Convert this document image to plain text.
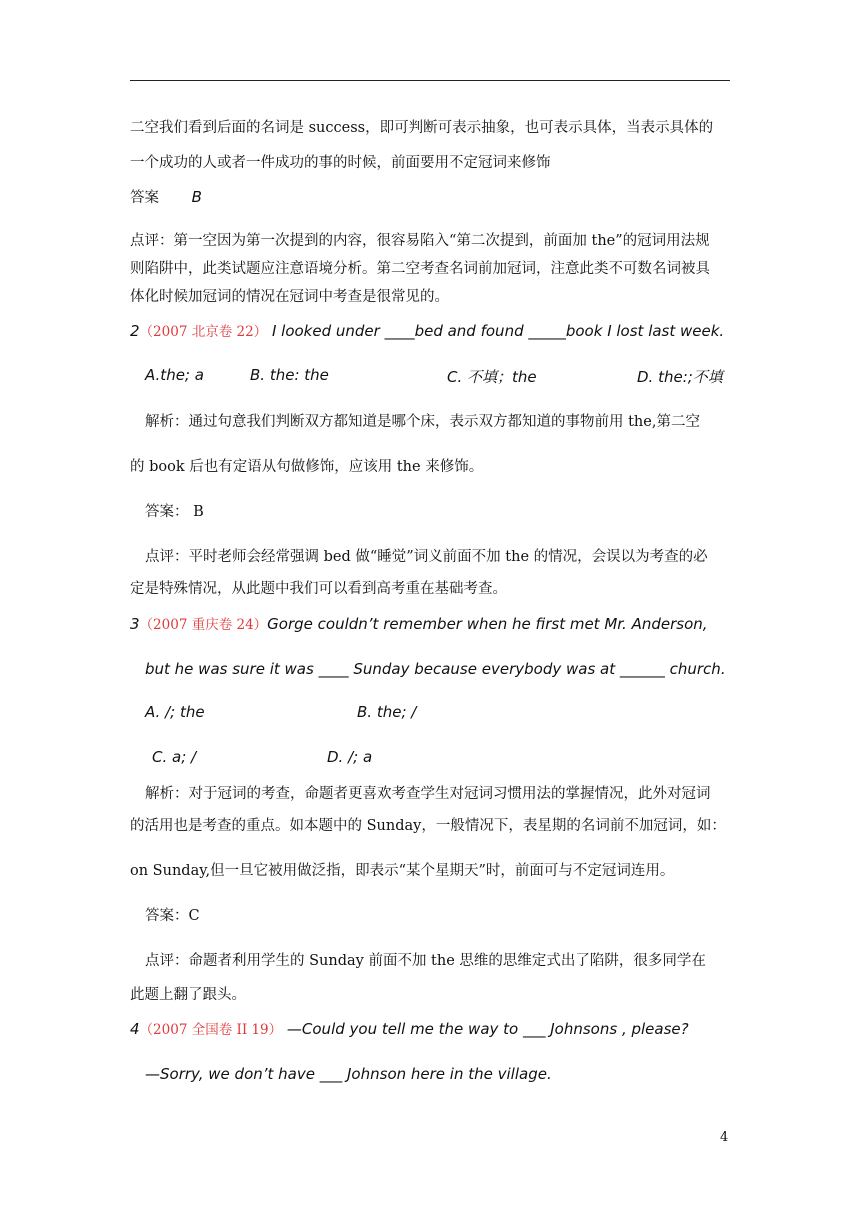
二空我们看到后面的名词是 success，即可判断可表示抽象，也可表示具体，当表示具体的
一个成功的人或者一件成功的事的时候，前面要用不定冠词来修饰
答案 B
点评：第一空因为第一次提到的内容，很容易陷入“第二次提到，前面加 the”的冠词用法规
则陷阱中，此类试题应注意语境分析。第二空考查名词前加冠词，注意此类不可数名词被具
体化时候加冠词的情况在冠词中考查是很常见的。
2（2007 北京卷 22） I looked under ____bed and found _____book I lost last week.
A.the; a	B. the: the	C. 不填；the	D. the:;不填
解析：通过句意我们判断双方都知道是哪个床，表示双方都知道的事物前用 the,第二空
的 book 后也有定语从句做修饰，应该用 the 来修饰。
答案： B
点评：平时老师会经常强调 bed 做“睡觉”词义前面不加 the 的情况，会误以为考查的必
定是特殊情况，从此题中我们可以看到高考重在基础考查。
3（2007 重庆卷 24）Gorge couldn’t remember when he first met Mr. Anderson,
but he was sure it was ____ Sunday because everybody was at ______ church.
A. /; the	B. the; /
C. a; /	D. /; a
解析：对于冠词的考查，命题者更喜欢考查学生对冠词习惯用法的掌握情况，此外对冠词
的活用也是考查的重点。如本题中的 Sunday，一般情况下，表星期的名词前不加冠词，如：
on Sunday,但一旦它被用做泛指，即表示“某个星期天”时，前面可与不定冠词连用。
答案：C
点评：命题者利用学生的 Sunday 前面不加 the 思维的思维定式出了陷阱，很多同学在
此题上翻了跟头。
4（2007 全国卷 II 19） —Could you tell me the way to ___ Johnsons , please?
—Sorry, we don’t have ___ Johnson here in the village.
4
